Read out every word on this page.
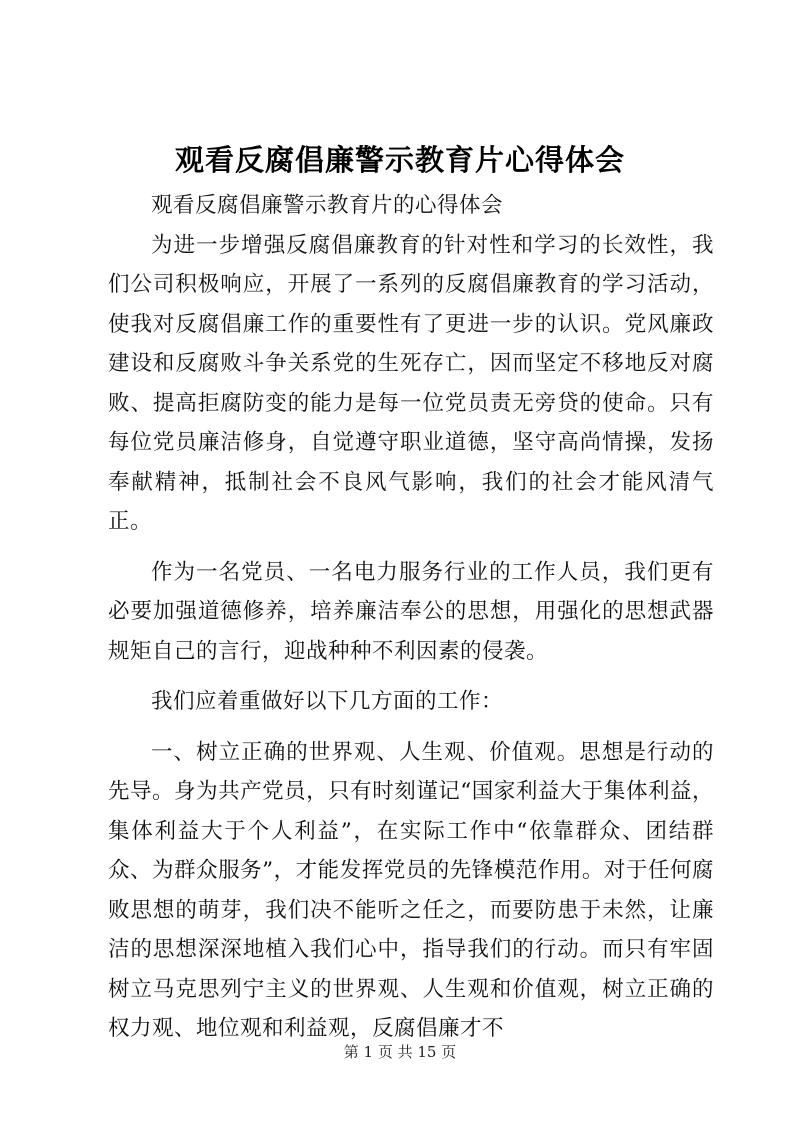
观看反腐倡廉警示教育片心得体会

观看反腐倡廉警示教育片的心得体会

为进一步增强反腐倡廉教育的针对性和学习的长效性，我们公司积极响应，开展了一系列的反腐倡廉教育的学习活动，使我对反腐倡廉工作的重要性有了更进一步的认识。党风廉政建设和反腐败斗争关系党的生死存亡，因而坚定不移地反对腐败、提高拒腐防变的能力是每一位党员责无旁贷的使命。只有每位党员廉洁修身，自觉遵守职业道德，坚守高尚情操，发扬奉献精神，抵制社会不良风气影响，我们的社会才能风清气正。

作为一名党员、一名电力服务行业的工作人员，我们更有必要加强道德修养，培养廉洁奉公的思想，用强化的思想武器规矩自己的言行，迎战种种不利因素的侵袭。

我们应着重做好以下几方面的工作：

一、树立正确的世界观、人生观、价值观。思想是行动的先导。身为共产党员，只有时刻谨记“国家利益大于集体利益，集体利益大于个人利益”，在实际工作中“依靠群众、团结群众、为群众服务”，才能发挥党员的先锋模范作用。对于任何腐败思想的萌芽，我们决不能听之任之，而要防患于未然，让廉洁的思想深深地植入我们心中，指导我们的行动。而只有牢固树立马克思列宁主义的世界观、人生观和价值观，树立正确的权力观、地位观和利益观，反腐倡廉才不

第 1 页 共 15 页
